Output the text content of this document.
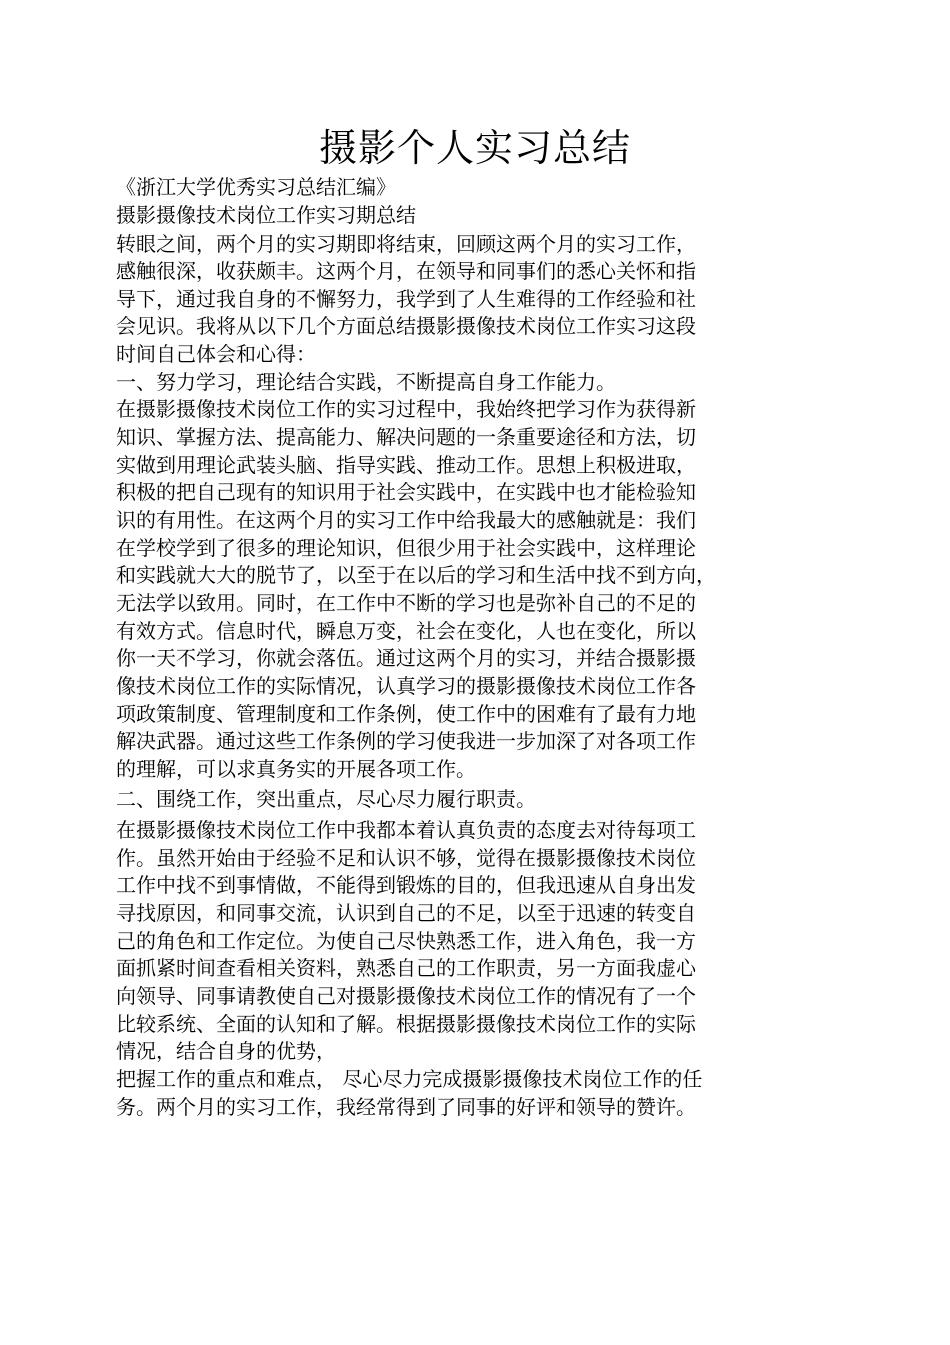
摄影个人实习总结
《浙江大学优秀实习总结汇编》
摄影摄像技术岗位工作实习期总结
转眼之间，两个月的实习期即将结束，回顾这两个月的实习工作，
感触很深，收获颇丰。这两个月，在领导和同事们的悉心关怀和指
导下，通过我自身的不懈努力，我学到了人生难得的工作经验和社
会见识。我将从以下几个方面总结摄影摄像技术岗位工作实习这段
时间自己体会和心得：
一、努力学习，理论结合实践，不断提高自身工作能力。
在摄影摄像技术岗位工作的实习过程中，我始终把学习作为获得新
知识、掌握方法、提高能力、解决问题的一条重要途径和方法，切
实做到用理论武装头脑、指导实践、推动工作。思想上积极进取，
积极的把自己现有的知识用于社会实践中，在实践中也才能检验知
识的有用性。在这两个月的实习工作中给我最大的感触就是：我们
在学校学到了很多的理论知识，但很少用于社会实践中，这样理论
和实践就大大的脱节了，以至于在以后的学习和生活中找不到方向，
无法学以致用。同时，在工作中不断的学习也是弥补自己的不足的
有效方式。信息时代，瞬息万变，社会在变化，人也在变化，所以
你一天不学习，你就会落伍。通过这两个月的实习，并结合摄影摄
像技术岗位工作的实际情况，认真学习的摄影摄像技术岗位工作各
项政策制度、管理制度和工作条例，使工作中的困难有了最有力地
解决武器。通过这些工作条例的学习使我进一步加深了对各项工作
的理解，可以求真务实的开展各项工作。
二、围绕工作，突出重点，尽心尽力履行职责。
在摄影摄像技术岗位工作中我都本着认真负责的态度去对待每项工
作。虽然开始由于经验不足和认识不够，觉得在摄影摄像技术岗位
工作中找不到事情做，不能得到锻炼的目的，但我迅速从自身出发
寻找原因，和同事交流，认识到自己的不足，以至于迅速的转变自
己的角色和工作定位。为使自己尽快熟悉工作，进入角色，我一方
面抓紧时间查看相关资料，熟悉自己的工作职责，另一方面我虚心
向领导、同事请教使自己对摄影摄像技术岗位工作的情况有了一个
比较系统、全面的认知和了解。根据摄影摄像技术岗位工作的实际
情况，结合自身的优势，
把握工作的重点和难点， 尽心尽力完成摄影摄像技术岗位工作的任
务。两个月的实习工作，我经常得到了同事的好评和领导的赞许。
